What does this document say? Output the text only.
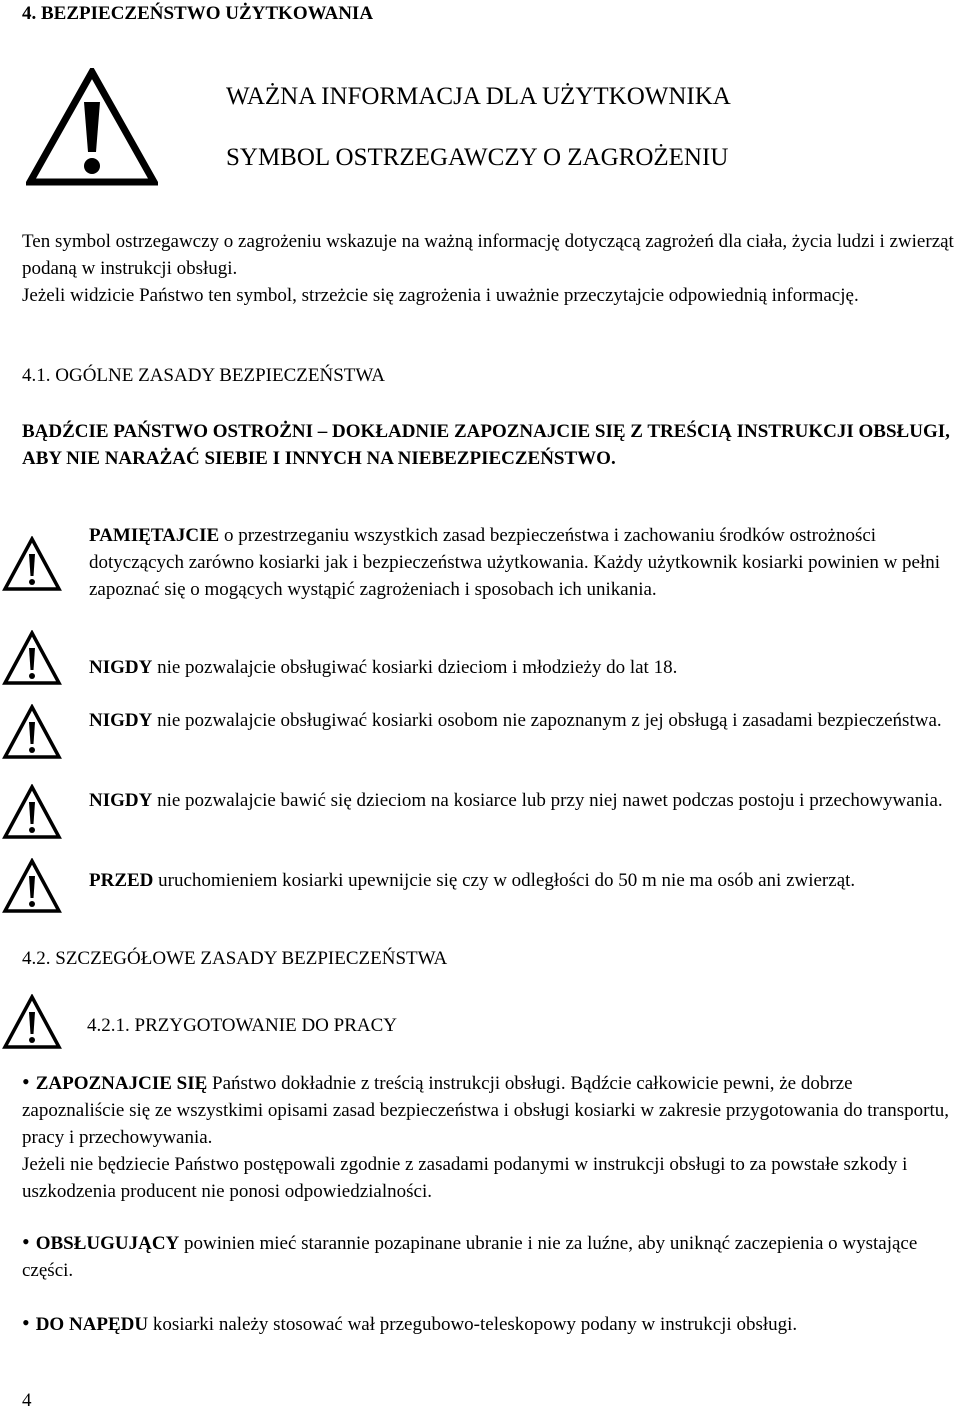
4. BEZPIECZEŃSTWO UŻYTKOWANIA
WAŻNA INFORMACJA DLA UŻYTKOWNIKA
SYMBOL OSTRZEGAWCZY O ZAGROŻENIU
Ten symbol ostrzegawczy o zagrożeniu wskazuje na ważną informację dotyczącą zagrożeń dla ciała, życia ludzi i zwierząt podaną w instrukcji obsługi.
Jeżeli widzicie Państwo ten symbol, strzeżcie się zagrożenia i uważnie przeczytajcie odpowiednią informację.
4.1. OGÓLNE ZASADY BEZPIECZEŃSTWA
BĄDŹCIE PAŃSTWO OSTROŻNI – DOKŁADNIE ZAPOZNAJCIE SIĘ Z TREŚCIĄ INSTRUKCJI OBSŁUGI, ABY NIE NARAŻAĆ SIEBIE I INNYCH NA NIEBEZPIECZEŃSTWO.
PAMIĘTAJCIE o przestrzeganiu wszystkich zasad bezpieczeństwa i zachowaniu środków ostrożności dotyczących zarówno kosiarki jak i bezpieczeństwa użytkowania. Każdy użytkownik kosiarki powinien w pełni zapoznać się o mogących wystąpić zagrożeniach i sposobach ich unikania.
NIGDY nie pozwalajcie obsługiwać kosiarki dzieciom i młodzieży do lat 18.
NIGDY nie pozwalajcie obsługiwać kosiarki osobom nie zapoznanym z jej obsługą i zasadami bezpieczeństwa.
NIGDY nie pozwalajcie bawić się dzieciom na kosiarce lub przy niej nawet podczas postoju i przechowywania.
PRZED uruchomieniem kosiarki upewnijcie się czy w odległości do 50 m nie ma osób ani zwierząt.
4.2. SZCZEGÓŁOWE ZASADY BEZPIECZEŃSTWA
4.2.1. PRZYGOTOWANIE DO PRACY
• ZAPOZNAJCIE SIĘ Państwo dokładnie z treścią instrukcji obsługi. Bądźcie całkowicie pewni, że dobrze zapoznaliście się ze wszystkimi opisami zasad bezpieczeństwa i obsługi kosiarki w zakresie przygotowania do transportu, pracy i przechowywania.
Jeżeli nie będziecie Państwo postępowali zgodnie z zasadami podanymi w instrukcji obsługi to za powstałe szkody i uszkodzenia producent nie ponosi odpowiedzialności.
• OBSŁUGUJĄCY powinien mieć starannie pozapinane ubranie i nie za luźne, aby uniknąć zaczepienia o wystające części.
• DO NAPĘDU kosiarki należy stosować wał przegubowo-teleskopowy podany w instrukcji obsługi.
4
